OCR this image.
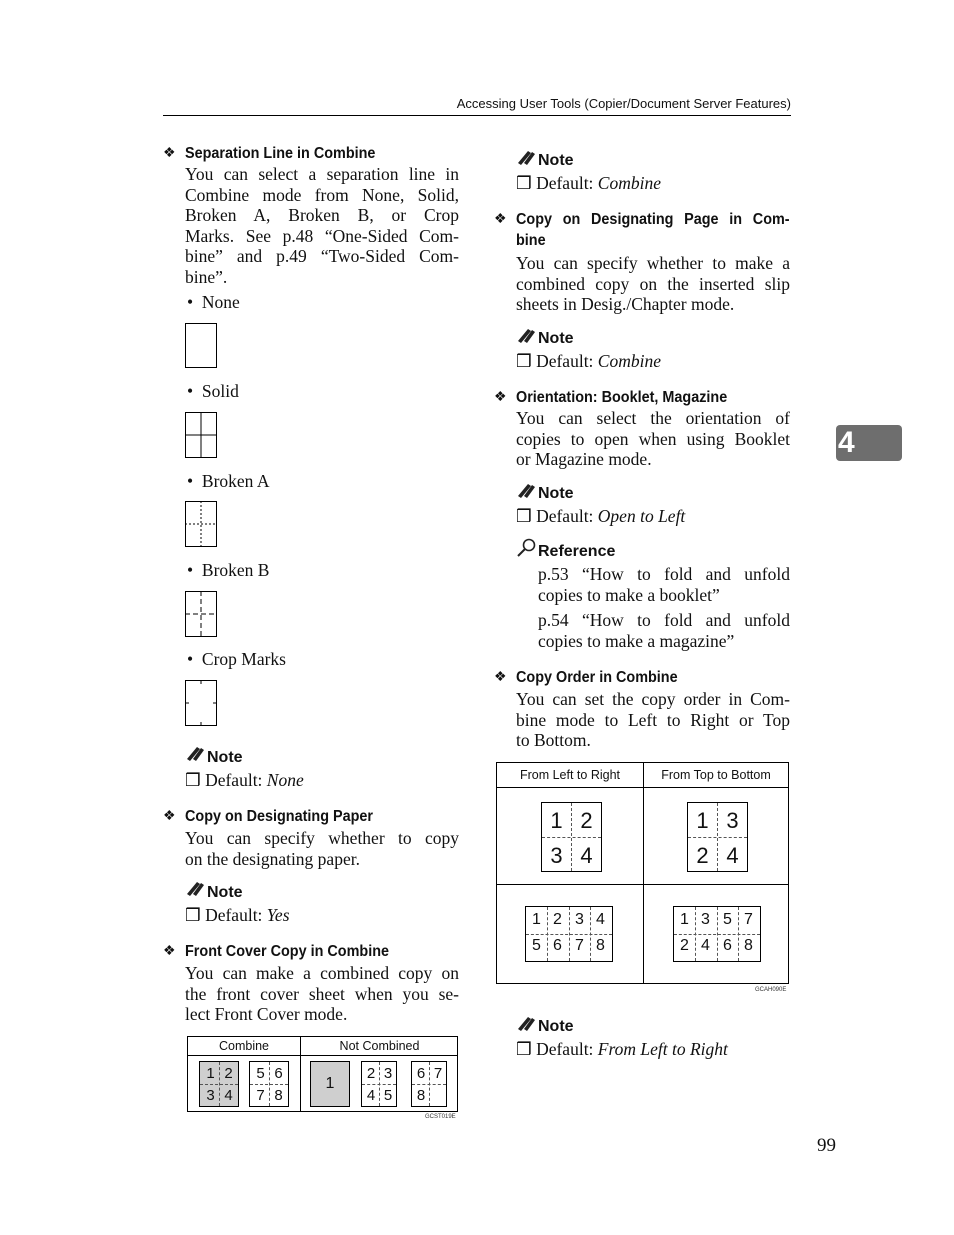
Accessing User Tools (Copier/Document Server Features)
4
❖ Separation Line in Combine
You can select a separation line in
Combine mode from None, Solid,
Broken A, Broken B, or Crop
Marks. See p.48 “One-Sided Com-
bine” and p.49 “Two-Sided Com-
bine”.
•  None
•  Solid
•  Broken A
•  Broken B
•  Crop Marks
Note
❒ Default: None
❖ Copy on Designating Paper
You can specify whether to copy
on the designating paper.
Note
❒ Default: Yes
❖ Front Cover Copy in Combine
You can make a combined copy on
the front cover sheet when you se-
lect Front Cover mode.
Combine	Not Combined
1 2
3 4
5 6
7 8
1
2 3
4 5
6 7
8
GCST019E
Note
❒ Default: Combine
❖ Copy on Designating Page in Com-
bine
You can specify whether to make a
combined copy on the inserted slip
sheets in Desig./Chapter mode.
Note
❒ Default: Combine
❖ Orientation: Booklet, Magazine
You can select the orientation of
copies to open when using Booklet
or Magazine mode.
Note
❒ Default: Open to Left
Reference
p.53 “How to fold and unfold
copies to make a booklet”
p.54 “How to fold and unfold
copies to make a magazine”
❖ Copy Order in Combine
You can set the copy order in Com-
bine mode to Left to Right or Top
to Bottom.
From Left to Right	From Top to Bottom
1 2
3 4
1 3
2 4
1 2 3 4
5 6 7 8
1 3 5 7
2 4 6 8
GCAH090E
Note
❒ Default: From Left to Right
99
